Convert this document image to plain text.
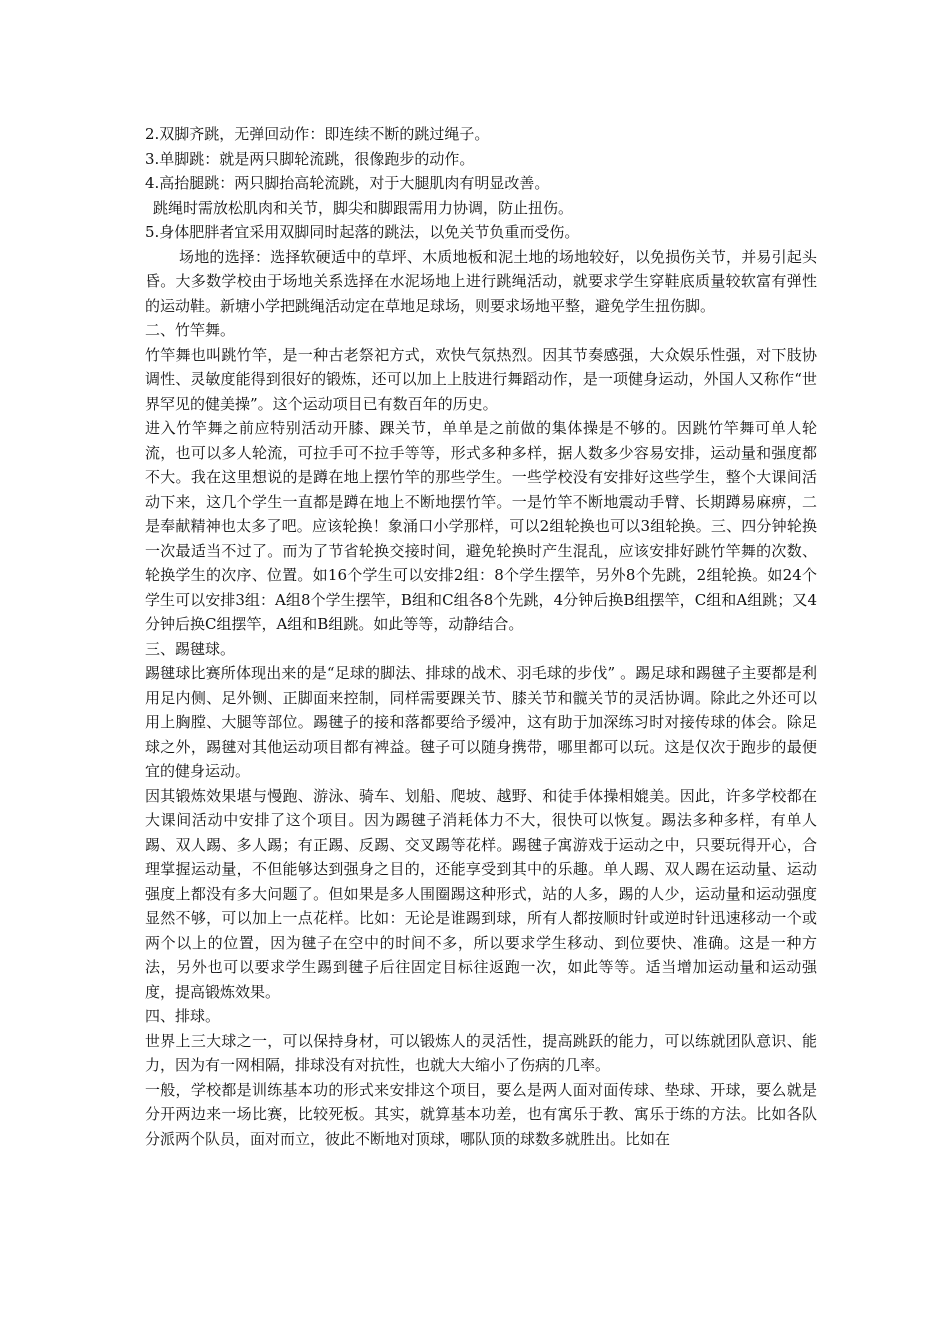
2.双脚齐跳，无弹回动作：即连续不断的跳过绳子。

3.单脚跳：就是两只脚轮流跳，很像跑步的动作。

4.高抬腿跳：两只脚抬高轮流跳，对于大腿肌肉有明显改善。

跳绳时需放松肌肉和关节，脚尖和脚跟需用力协调，防止扭伤。

5.身体肥胖者宜采用双脚同时起落的跳法，以免关节负重而受伤。

场地的选择：选择软硬适中的草坪、木质地板和泥土地的场地较好，以免损伤关节，并易引起头昏。大多数学校由于场地关系选择在水泥场地上进行跳绳活动，就要求学生穿鞋底质量较软富有弹性的运动鞋。新塘小学把跳绳活动定在草地足球场，则要求场地平整，避免学生扭伤脚。

二、竹竿舞。

竹竿舞也叫跳竹竿，是一种古老祭祀方式，欢快气氛热烈。因其节奏感强，大众娱乐性强，对下肢协调性、灵敏度能得到很好的锻炼，还可以加上上肢进行舞蹈动作，是一项健身运动，外国人又称作“世界罕见的健美操”。这个运动项目已有数百年的历史。

进入竹竿舞之前应特别活动开膝、踝关节，单单是之前做的集体操是不够的。因跳竹竿舞可单人轮流，也可以多人轮流，可拉手可不拉手等等，形式多种多样，据人数多少容易安排，运动量和强度都不大。我在这里想说的是蹲在地上摆竹竿的那些学生。一些学校没有安排好这些学生，整个大课间活动下来，这几个学生一直都是蹲在地上不断地摆竹竿。一是竹竿不断地震动手臂、长期蹲易麻痹，二是奉献精神也太多了吧。应该轮换！象涌口小学那样，可以2组轮换也可以3组轮换。三、四分钟轮换一次最适当不过了。而为了节省轮换交接时间，避免轮换时产生混乱，应该安排好跳竹竿舞的次数、轮换学生的次序、位置。如16个学生可以安排2组：8个学生摆竿，另外8个先跳，2组轮换。如24个学生可以安排3组：A组8个学生摆竿，B组和C组各8个先跳，4分钟后换B组摆竿，C组和A组跳；又4分钟后换C组摆竿，A组和B组跳。如此等等，动静结合。

三、踢毽球。

踢毽球比赛所体现出来的是“足球的脚法、排球的战术、羽毛球的步伐” 。踢足球和踢毽子主要都是利用足内侧、足外铡、正脚面来控制，同样需要踝关节、膝关节和髋关节的灵活协调。除此之外还可以用上胸膛、大腿等部位。踢毽子的接和落都要给予缓冲，这有助于加深练习时对接传球的体会。除足球之外，踢毽对其他运动项目都有裨益。毽子可以随身携带，哪里都可以玩。这是仅次于跑步的最便宜的健身运动。

因其锻炼效果堪与慢跑、游泳、骑车、划船、爬坡、越野、和徒手体操相媲美。因此，许多学校都在大课间活动中安排了这个项目。因为踢毽子消耗体力不大，很快可以恢复。踢法多种多样，有单人踢、双人踢、多人踢；有正踢、反踢、交叉踢等花样。踢毽子寓游戏于运动之中，只要玩得开心，合理掌握运动量，不但能够达到强身之目的，还能享受到其中的乐趣。单人踢、双人踢在运动量、运动强度上都没有多大问题了。但如果是多人围圈踢这种形式，站的人多，踢的人少，运动量和运动强度显然不够，可以加上一点花样。比如：无论是谁踢到球，所有人都按顺时针或逆时针迅速移动一个或两个以上的位置，因为毽子在空中的时间不多，所以要求学生移动、到位要快、准确。这是一种方法，另外也可以要求学生踢到毽子后往固定目标往返跑一次，如此等等。适当增加运动量和运动强度，提高锻炼效果。

四、排球。

世界上三大球之一，可以保持身材，可以锻炼人的灵活性，提高跳跃的能力，可以练就团队意识、能力，因为有一网相隔，排球没有对抗性，也就大大缩小了伤病的几率。

一般，学校都是训练基本功的形式来安排这个项目，要么是两人面对面传球、垫球、开球，要么就是分开两边来一场比赛，比较死板。其实，就算基本功差，也有寓乐于教、寓乐于练的方法。比如各队分派两个队员，面对而立，彼此不断地对顶球，哪队顶的球数多就胜出。比如在
